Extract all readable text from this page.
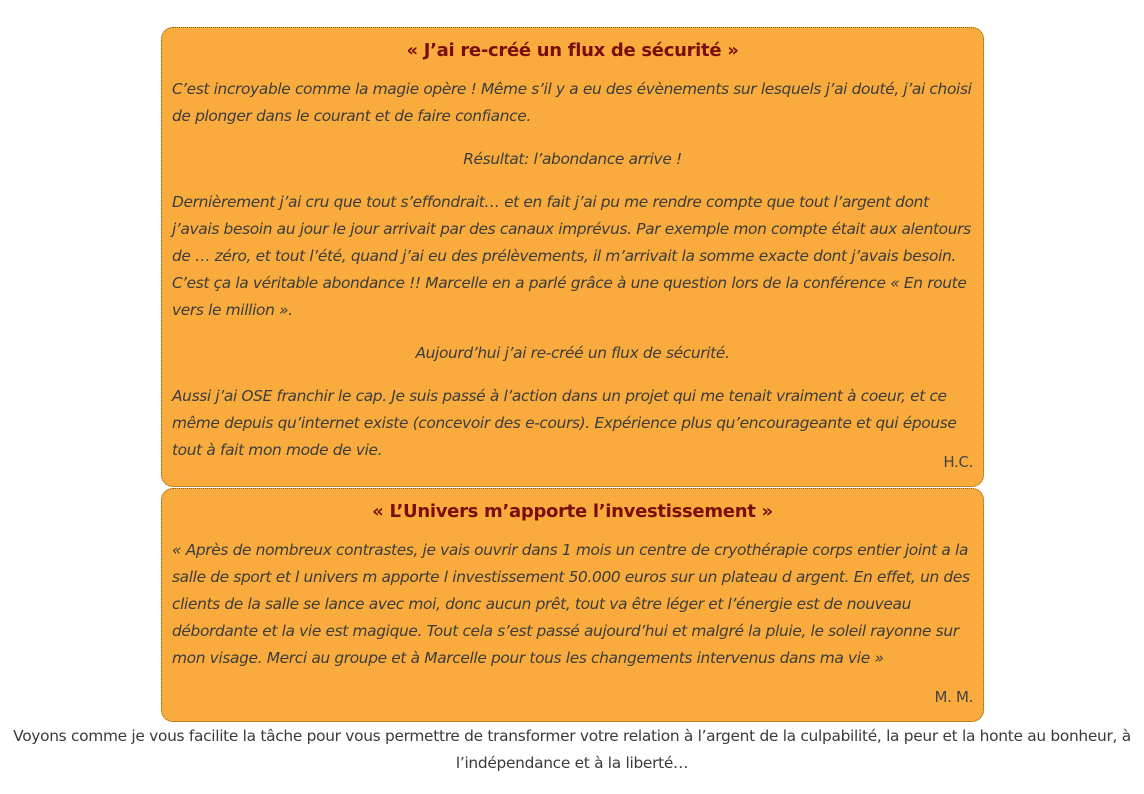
« J’ai re-créé un flux de sécurité »

C’est incroyable comme la magie opère ! Même s’il y a eu des évènements sur lesquels j’ai douté, j’ai choisi de plonger dans le courant et de faire confiance.

Résultat: l’abondance arrive !

Dernièrement j’ai cru que tout s’effondrait… et en fait j’ai pu me rendre compte que tout l’argent dont j’avais besoin au jour le jour arrivait par des canaux imprévus. Par exemple mon compte était aux alentours de … zéro, et tout l’été, quand j’ai eu des prélèvements, il m’arrivait la somme exacte dont j’avais besoin. C’est ça la véritable abondance !! Marcelle en a parlé grâce à une question lors de la conférence « En route vers le million ».

Aujourd’hui j’ai re-créé un flux de sécurité.

Aussi j’ai OSE franchir le cap. Je suis passé à l’action dans un projet qui me tenait vraiment à coeur, et ce même depuis qu’internet existe (concevoir des e-cours). Expérience plus qu’encourageante et qui épouse tout à fait mon mode de vie.

H.C.

« L’Univers m’apporte l’investissement »

« Après de nombreux contrastes, je vais ouvrir dans 1 mois un centre de cryothérapie corps entier joint a la salle de sport et l univers m apporte l investissement 50.000 euros sur un plateau d argent. En effet, un des clients de la salle se lance avec moi, donc aucun prêt, tout va être léger et l’énergie est de nouveau débordante et la vie est magique. Tout cela s’est passé aujourd’hui et malgré la pluie, le soleil rayonne sur mon visage. Merci au groupe et à Marcelle pour tous les changements intervenus dans ma vie »

M. M.

Voyons comme je vous facilite la tâche pour vous permettre de transformer votre relation à l’argent de la culpabilité, la peur et la honte au bonheur, à l’indépendance et à la liberté…
